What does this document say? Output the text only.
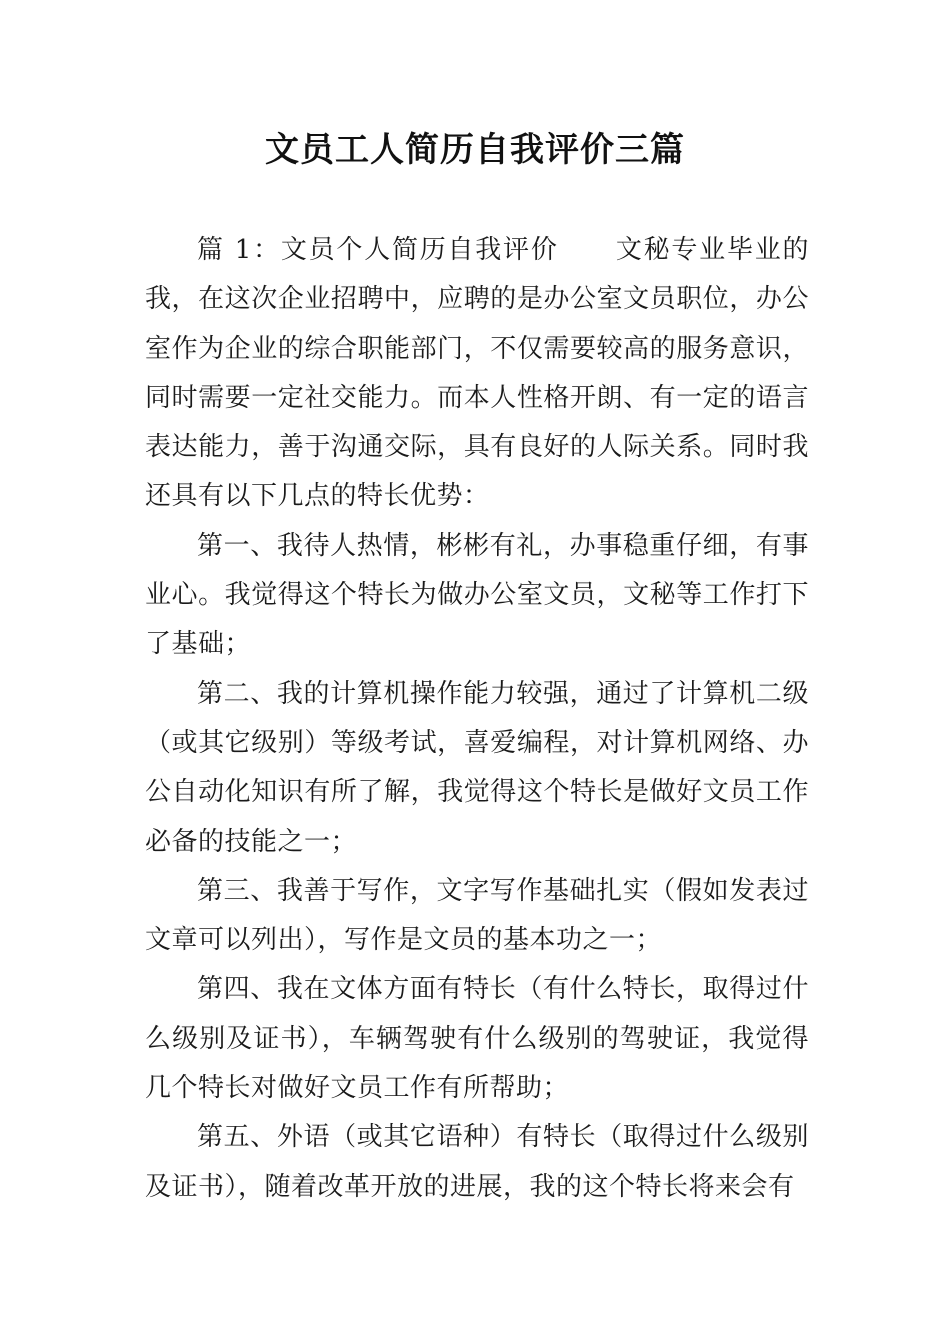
文员工人简历自我评价三篇

篇 1：文员个人简历自我评价 文秘专业毕业的我，在这次企业招聘中，应聘的是办公室文员职位，办公室作为企业的综合职能部门，不仅需要较高的服务意识，同时需要一定社交能力。而本人性格开朗、有一定的语言表达能力，善于沟通交际，具有良好的人际关系。同时我还具有以下几点的特长优势：

第一、我待人热情，彬彬有礼，办事稳重仔细，有事业心。我觉得这个特长为做办公室文员，文秘等工作打下了基础；

第二、我的计算机操作能力较强，通过了计算机二级（或其它级别）等级考试，喜爱编程，对计算机网络、办公自动化知识有所了解，我觉得这个特长是做好文员工作必备的技能之一；

第三、我善于写作，文字写作基础扎实（假如发表过文章可以列出），写作是文员的基本功之一；

第四、我在文体方面有特长（有什么特长，取得过什么级别及证书），车辆驾驶有什么级别的驾驶证，我觉得几个特长对做好文员工作有所帮助；

第五、外语（或其它语种）有特长（取得过什么级别及证书），随着改革开放的进展，我的这个特长将来会有
